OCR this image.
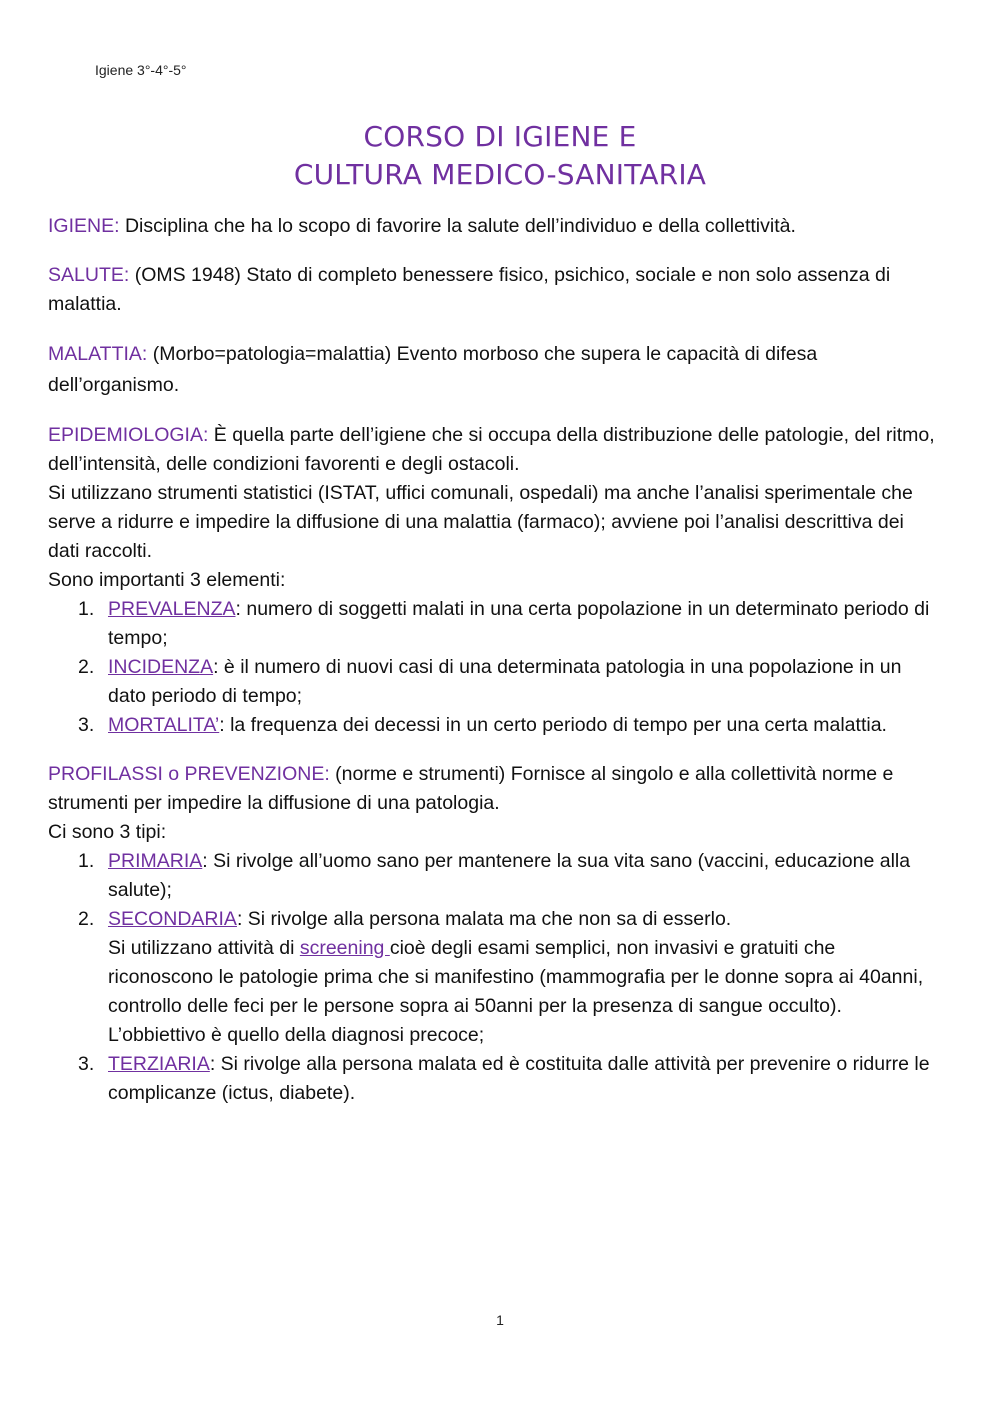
Igiene 3°-4°-5°
CORSO DI IGIENE E
CULTURA MEDICO-SANITARIA

IGIENE: Disciplina che ha lo scopo di favorire la salute dell’individuo e della collettività.

SALUTE: (OMS 1948) Stato di completo benessere fisico, psichico, sociale e non solo assenza di malattia.

MALATTIA: (Morbo=patologia=malattia) Evento morboso che supera le capacità di difesa dell’organismo.

EPIDEMIOLOGIA: È quella parte dell’igiene che si occupa della distribuzione delle patologie, del ritmo, dell’intensità, delle condizioni favorenti e degli ostacoli.

Si utilizzano strumenti statistici (ISTAT, uffici comunali, ospedali) ma anche l’analisi sperimentale che serve a ridurre e impedire la diffusione di una malattia (farmaco); avviene poi l’analisi descrittiva dei dati raccolti.

Sono importanti 3 elementi:

1. PREVALENZA: numero di soggetti malati in una certa popolazione in un determinato periodo di tempo;
2. INCIDENZA: è il numero di nuovi casi di una determinata patologia in una popolazione in un dato periodo di tempo;
3. MORTALITA’: la frequenza dei decessi in un certo periodo di tempo per una certa malattia.

PROFILASSI o PREVENZIONE: (norme e strumenti) Fornisce al singolo e alla collettività norme e strumenti per impedire la diffusione di una patologia.

Ci sono 3 tipi:

1. PRIMARIA: Si rivolge all’uomo sano per mantenere la sua vita sano (vaccini, educazione alla salute);
2. SECONDARIA: Si rivolge alla persona malata ma che non sa di esserlo.
Si utilizzano attività di screening cioè degli esami semplici, non invasivi e gratuiti che riconoscono le patologie prima che si manifestino (mammografia per le donne sopra ai 40anni, controllo delle feci per le persone sopra ai 50anni per la presenza di sangue occulto).
L’obbiettivo è quello della diagnosi precoce;
3. TERZIARIA: Si rivolge alla persona malata ed è costituita dalle attività per prevenire o ridurre le complicanze (ictus, diabete).
1
